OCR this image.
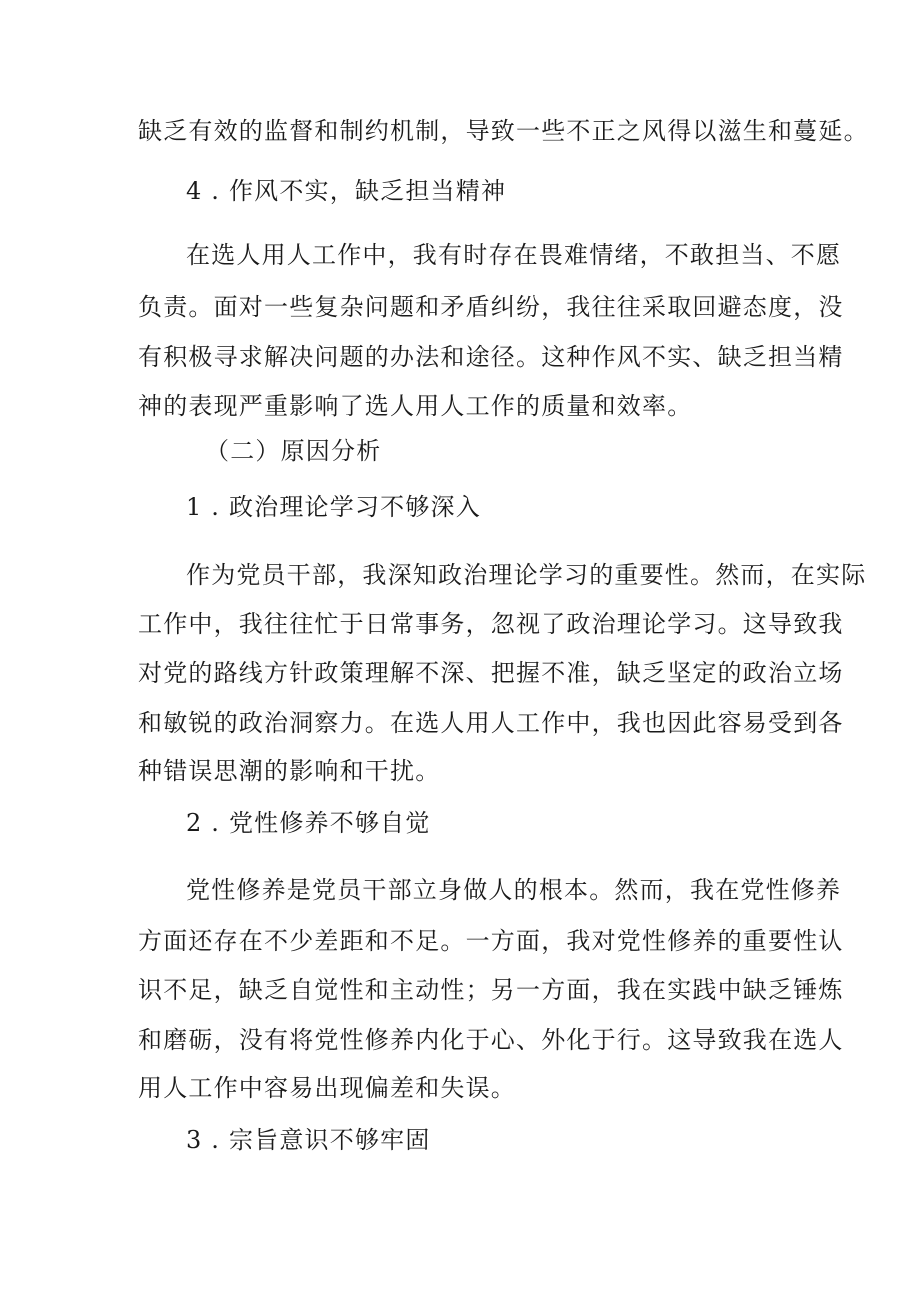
缺乏有效的监督和制约机制，导致一些不正之风得以滋生和蔓延。
4 . 作风不实，缺乏担当精神
在选人用人工作中，我有时存在畏难情绪，不敢担当、不愿
负责。面对一些复杂问题和矛盾纠纷，我往往采取回避态度，没
有积极寻求解决问题的办法和途径。这种作风不实、缺乏担当精
神的表现严重影响了选人用人工作的质量和效率。
（二）原因分析
1 . 政治理论学习不够深入
作为党员干部，我深知政治理论学习的重要性。然而，在实际
工作中，我往往忙于日常事务，忽视了政治理论学习。这导致我
对党的路线方针政策理解不深、把握不准，缺乏坚定的政治立场
和敏锐的政治洞察力。在选人用人工作中，我也因此容易受到各
种错误思潮的影响和干扰。
2 . 党性修养不够自觉
党性修养是党员干部立身做人的根本。然而，我在党性修养
方面还存在不少差距和不足。一方面，我对党性修养的重要性认
识不足，缺乏自觉性和主动性；另一方面，我在实践中缺乏锤炼
和磨砺，没有将党性修养内化于心、外化于行。这导致我在选人
用人工作中容易出现偏差和失误。
3 . 宗旨意识不够牢固
